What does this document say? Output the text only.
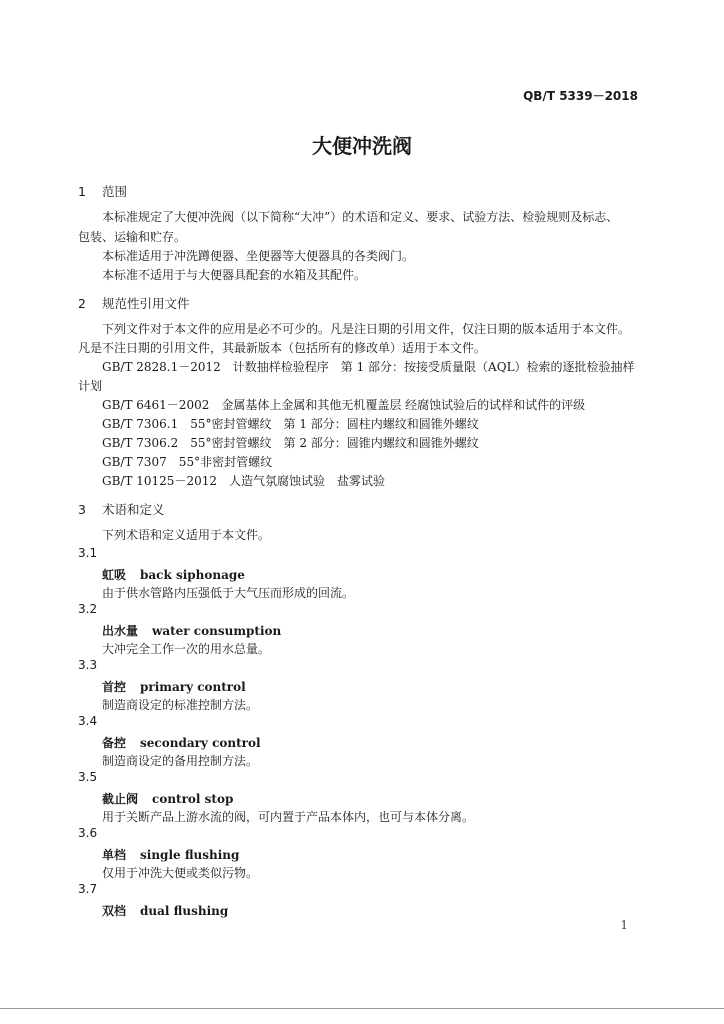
QB/T 5339－2018
大便冲洗阀
1 范围
本标准规定了大便冲洗阀（以下简称“大冲”）的术语和定义、要求、试验方法、检验规则及标志、
包装、运输和贮存。
本标准适用于冲洗蹲便器、坐便器等大便器具的各类阀门。
本标准不适用于与大便器具配套的水箱及其配件。
2 规范性引用文件
下列文件对于本文件的应用是必不可少的。凡是注日期的引用文件，仅注日期的版本适用于本文件。
凡是不注日期的引用文件，其最新版本（包括所有的修改单）适用于本文件。
GB/T 2828.1－2012　计数抽样检验程序　第 1 部分：按接受质量限（AQL）检索的逐批检验抽样
计划
GB/T 6461－2002　金属基体上金属和其他无机覆盖层 经腐蚀试验后的试样和试件的评级
GB/T 7306.1　55°密封管螺纹　第 1 部分：圆柱内螺纹和圆锥外螺纹
GB/T 7306.2　55°密封管螺纹　第 2 部分：圆锥内螺纹和圆锥外螺纹
GB/T 7307　55°非密封管螺纹
GB/T 10125－2012　人造气氛腐蚀试验　盐雾试验
3 术语和定义
下列术语和定义适用于本文件。
3.1
虹吸 back siphonage
由于供水管路内压强低于大气压而形成的回流。
3.2
出水量 water consumption
大冲完全工作一次的用水总量。
3.3
首控 primary control
制造商设定的标准控制方法。
3.4
备控 secondary control
制造商设定的备用控制方法。
3.5
截止阀 control stop
用于关断产品上游水流的阀，可内置于产品本体内，也可与本体分离。
3.6
单档 single flushing
仅用于冲洗大便或类似污物。
3.7
双档 dual flushing
1
